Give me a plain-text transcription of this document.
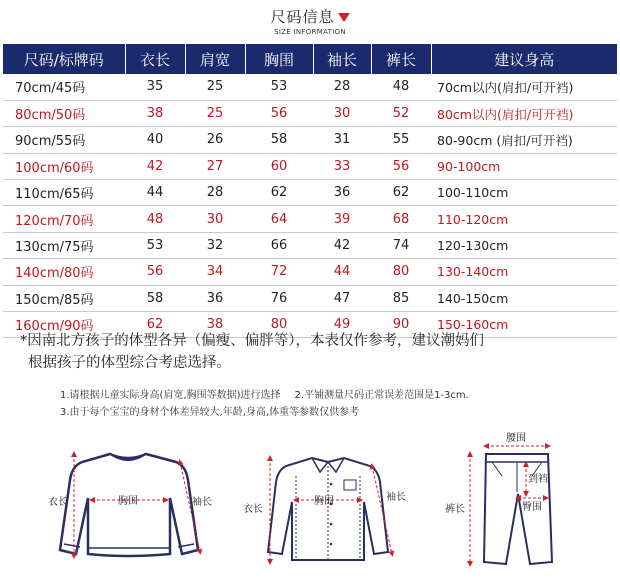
尺码信息
SIZE INFORMATION
尺码/标牌码	衣长	肩宽	胸围	袖长	裤长	建议身高
70cm/45码	35	25	53	28	48	70cm以内(肩扣/可开裆)
80cm/50码	38	25	56	30	52	80cm以内(肩扣/可开裆)
90cm/55码	40	26	58	31	55	80-90cm (肩扣/可开裆)
100cm/60码	42	27	60	33	56	90-100cm
110cm/65码	44	28	62	36	62	100-110cm
120cm/70码	48	30	64	39	68	110-120cm
130cm/75码	53	32	66	42	74	120-130cm
140cm/80码	56	34	72	44	80	130-140cm
150cm/85码	58	36	76	47	85	140-150cm
160cm/90码	62	38	80	49	90	150-160cm
*因南北方孩子的体型各异（偏瘦、偏胖等），本表仅作参考，建议潮妈们
根据孩子的体型综合考虑选择。
1.请根据儿童实际身高(肩宽,胸围等数据)进行选择 2.平铺测量尺码正常误差范围是1-3cm.
3.由于每个宝宝的身材个体差异较大,年龄,身高,体重等参数仅供参考
衣长	胸围	袖长
衣长
胸围	袖长
腰围
到裆
臀围
裤长
